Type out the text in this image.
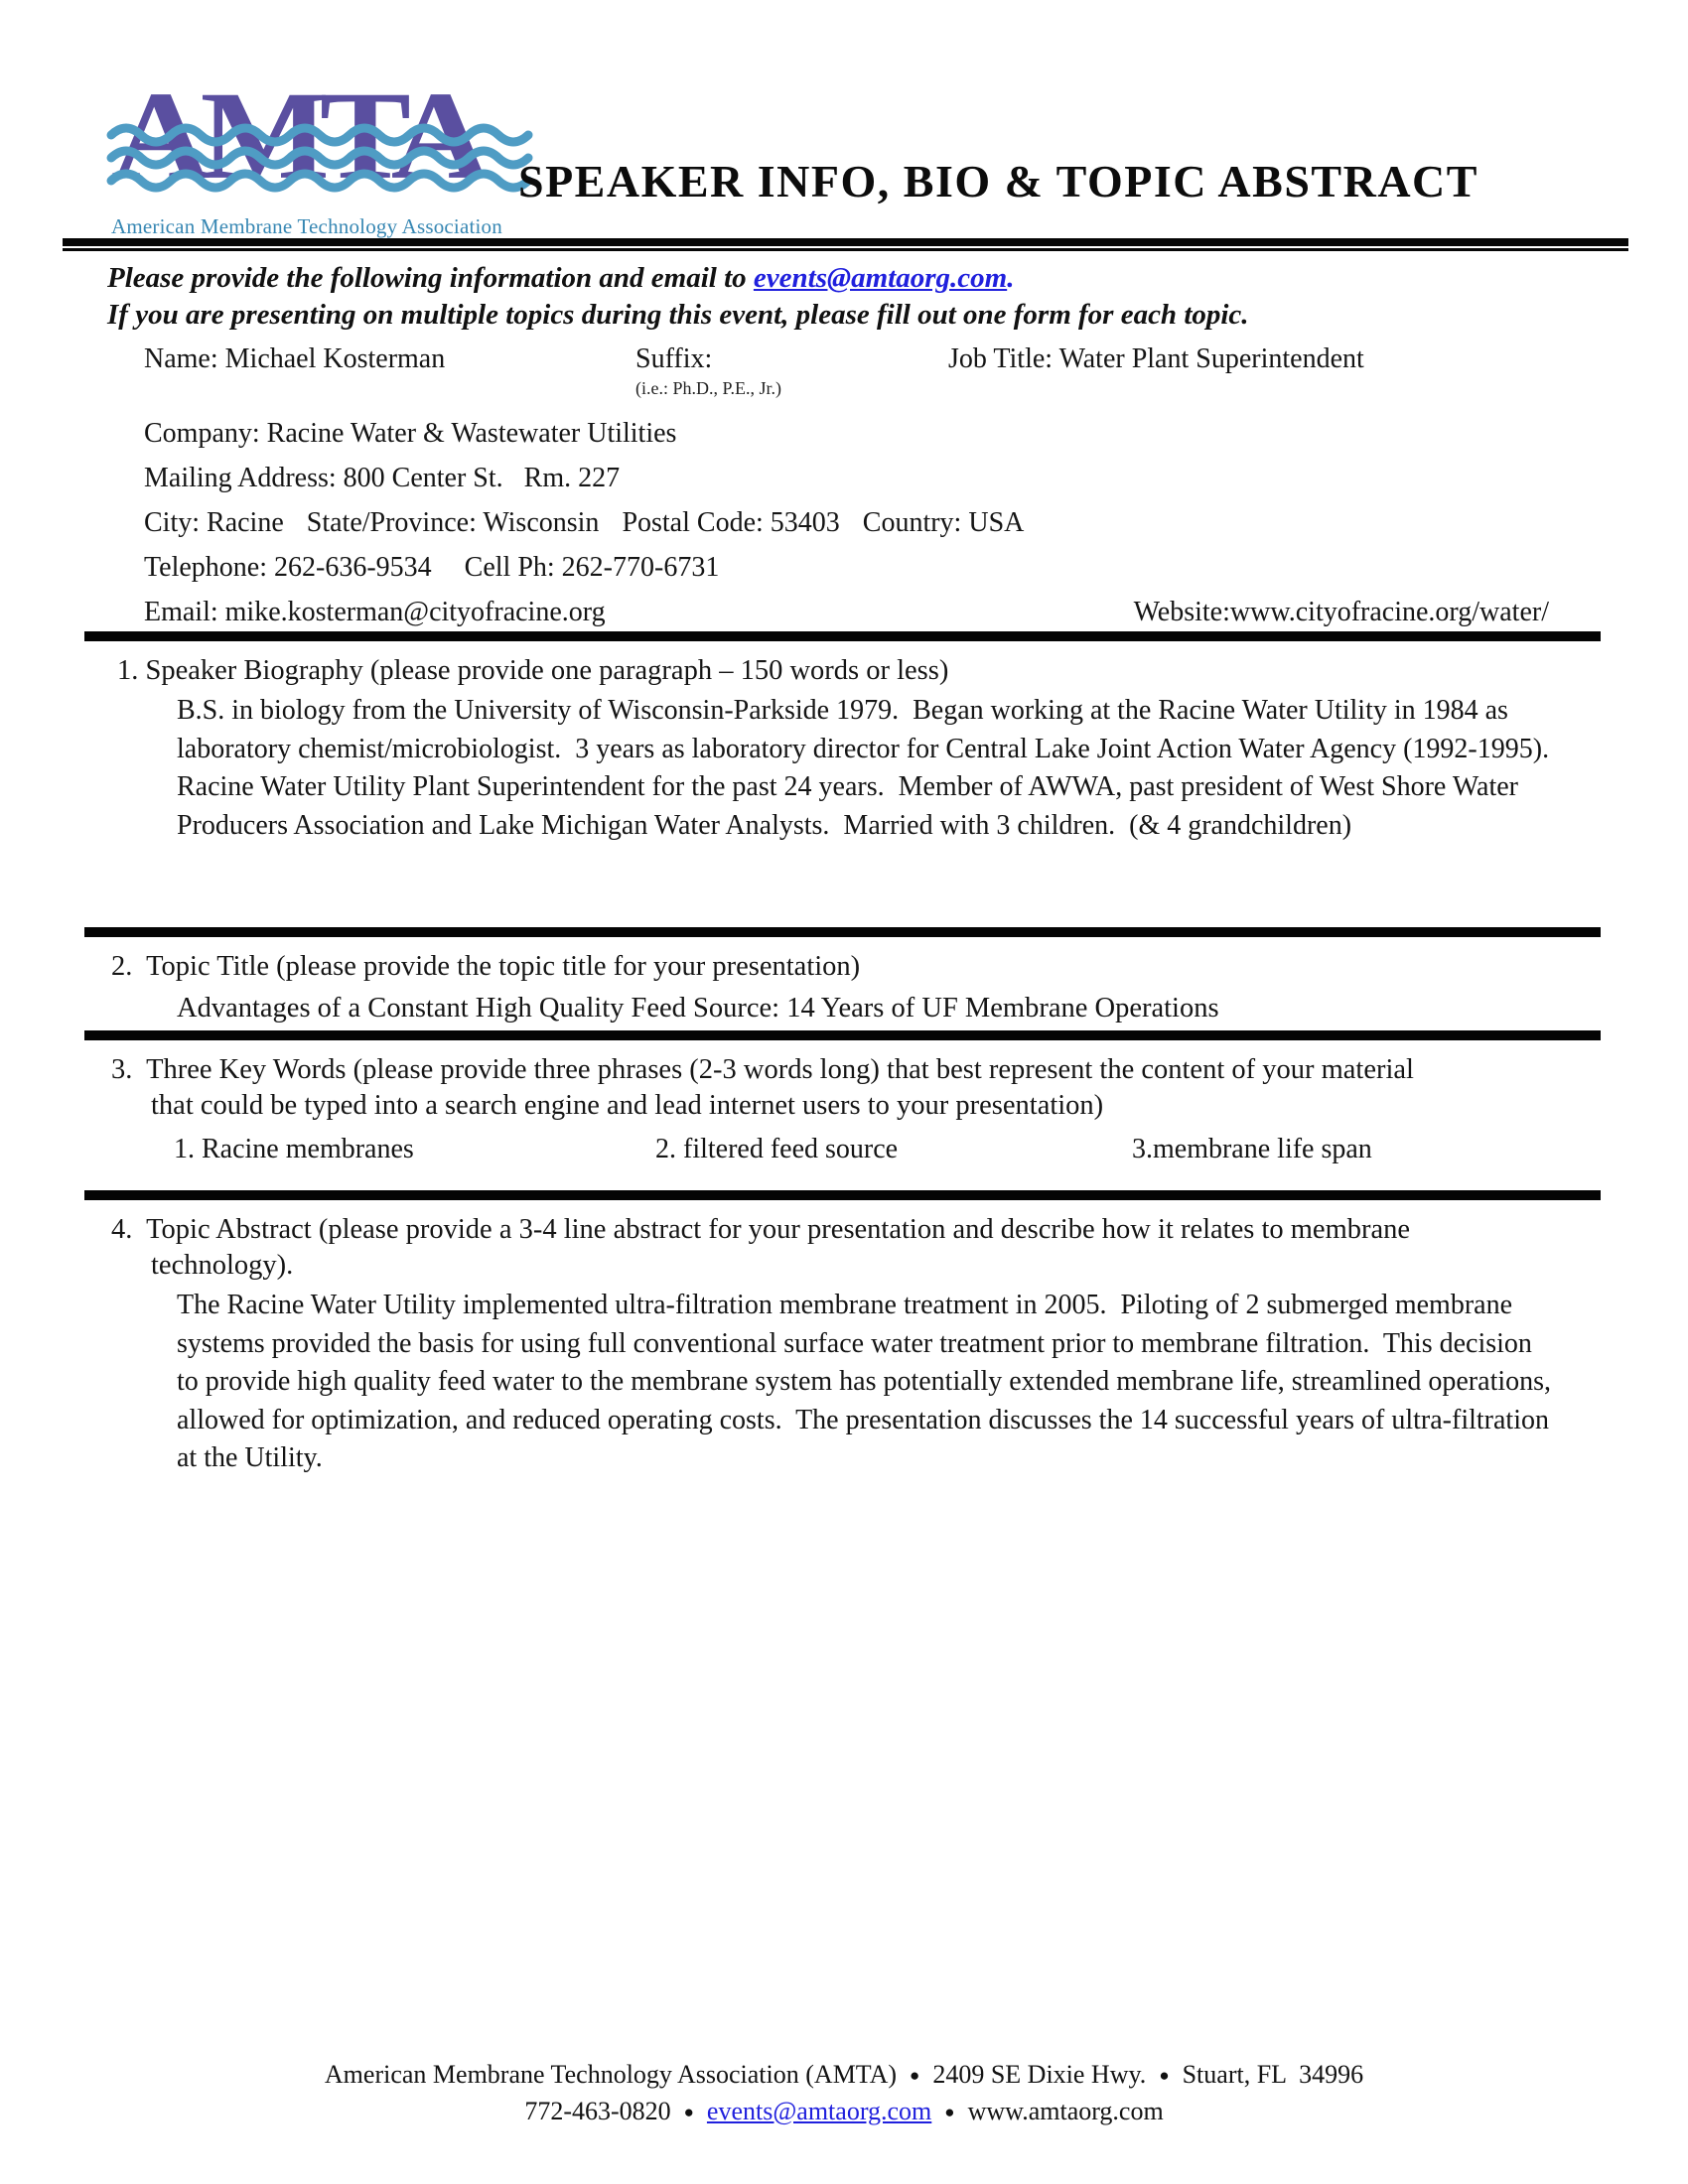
AMTA
American Membrane Technology Association
SPEAKER INFO, BIO & TOPIC ABSTRACT
Please provide the following information and email to events@amtaorg.com.
If you are presenting on multiple topics during this event, please fill out one form for each topic.
Name: Michael Kosterman	Suffix:
(i.e.: Ph.D., P.E., Jr.)
Job Title: Water Plant Superintendent
Company: Racine Water & Wastewater Utilities
Mailing Address: 800 Center St.   Rm. 227
City: Racine State/Province: Wisconsin Postal Code: 53403 Country: USA
Telephone: 262-636-9534 Cell Ph: 262-770-6731
Email: mike.kosterman@cityofracine.org	Website:www.cityofracine.org/water/
1. Speaker Biography (please provide one paragraph – 150 words or less)
B.S. in biology from the University of Wisconsin-Parkside 1979.  Began working at the Racine Water Utility in 1984 as laboratory chemist/microbiologist.  3 years as laboratory director for Central Lake Joint Action Water Agency (1992-1995).  Racine Water Utility Plant Superintendent for the past 24 years.  Member of AWWA, past president of West Shore Water Producers Association and Lake Michigan Water Analysts.  Married with 3 children.  (& 4 grandchildren)
2.  Topic Title (please provide the topic title for your presentation)
Advantages of a Constant High Quality Feed Source: 14 Years of UF Membrane Operations
3.  Three Key Words (please provide three phrases (2-3 words long) that best represent the content of your material
that could be typed into a search engine and lead internet users to your presentation)
1. Racine membranes	2. filtered feed source	3.membrane life span
4.  Topic Abstract (please provide a 3-4 line abstract for your presentation and describe how it relates to membrane
technology).
The Racine Water Utility implemented ultra-filtration membrane treatment in 2005.  Piloting of 2 submerged membrane systems provided the basis for using full conventional surface water treatment prior to membrane filtration.  This decision to provide high quality feed water to the membrane system has potentially extended membrane life, streamlined operations, allowed for optimization, and reduced operating costs.  The presentation discusses the 14 successful years of ultra-filtration at the Utility.
American Membrane Technology Association (AMTA) ● 2409 SE Dixie Hwy. ● Stuart, FL  34996
772-463-0820 ● events@amtaorg.com ● www.amtaorg.com
